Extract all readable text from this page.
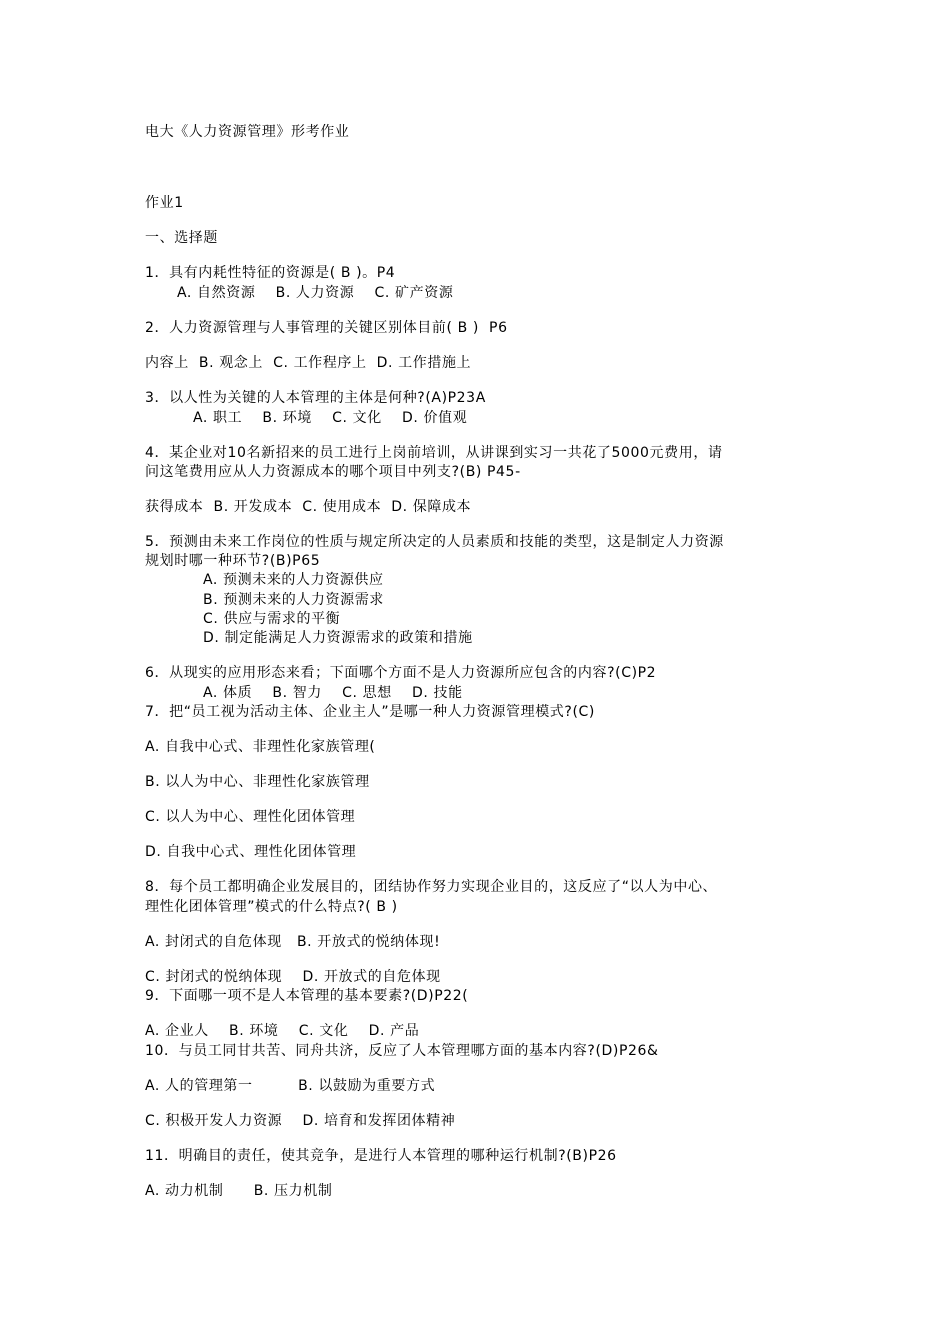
电大《人力资源管理》形考作业
作业1
一、选择题
1．具有内耗性特征的资源是( B )。P4
A. 自然资源    B. 人力资源    C. 矿产资源
2．人力资源管理与人事管理的关键区别体目前( B )  P6
内容上  B. 观念上  C. 工作程序上  D. 工作措施上
3．以人性为关键的人本管理的主体是何种?(A)P23A
A. 职工    B. 环境    C. 文化    D. 价值观
4．某企业对10名新招来的员工进行上岗前培训，从讲课到实习一共花了5000元费用，请
问这笔费用应从人力资源成本的哪个项目中列支?(B) P45-
获得成本  B. 开发成本  C. 使用成本  D. 保障成本
5．预测由未来工作岗位的性质与规定所决定的人员素质和技能的类型，这是制定人力资源
规划时哪一种环节?(B)P65
A. 预测未来的人力资源供应
B. 预测未来的人力资源需求
C. 供应与需求的平衡
D. 制定能满足人力资源需求的政策和措施
6．从现实的应用形态来看；下面哪个方面不是人力资源所应包含的内容?(C)P2
A. 体质    B. 智力    C. 思想    D. 技能
7．把“员工视为活动主体、企业主人”是哪一种人力资源管理模式?(C)
A. 自我中心式、非理性化家族管理(
B. 以人为中心、非理性化家族管理
C. 以人为中心、理性化团体管理
D. 自我中心式、理性化团体管理
8．每个员工都明确企业发展目的，团结协作努力实现企业目的，这反应了“以人为中心、
理性化团体管理”模式的什么特点?( B )
A. 封闭式的自危体现   B. 开放式的悦纳体现!
C. 封闭式的悦纳体现    D. 开放式的自危体现
9．下面哪一项不是人本管理的基本要素?(D)P22(
A. 企业人    B. 环境    C. 文化    D. 产品
10．与员工同甘共苦、同舟共济，反应了人本管理哪方面的基本内容?(D)P26&
A. 人的管理第一         B. 以鼓励为重要方式
C. 积极开发人力资源    D. 培育和发挥团体精神
11．明确目的责任，使其竞争，是进行人本管理的哪种运行机制?(B)P26
A. 动力机制      B. 压力机制
